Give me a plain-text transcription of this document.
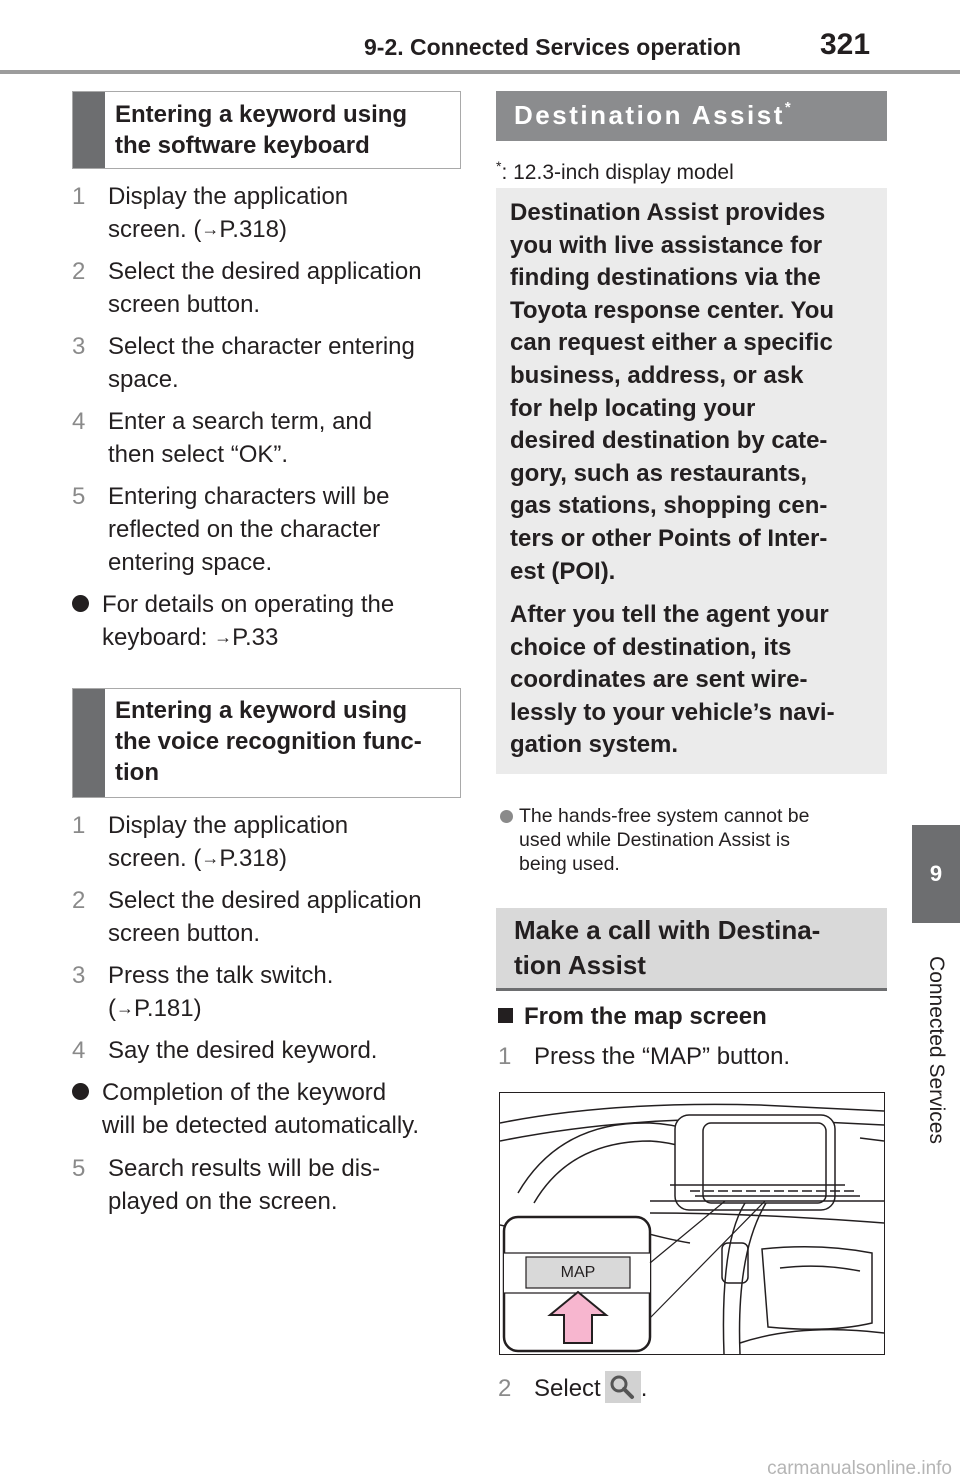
9-2. Connected Services operation	321
9
Connected Services
Entering a keyword using
the software keyboard
1 Display the application
screen. (→P.318)
2 Select the desired application
screen button.
3 Select the character entering
space.
4 Enter a search term, and
then select “OK”.
5 Entering characters will be
reflected on the character
entering space.
For details on operating the
keyboard: →P.33
Entering a keyword using
the voice recognition func-
tion
1 Display the application
screen. (→P.318)
2 Select the desired application
screen button.
3 Press the talk switch.
(→P.181)
4 Say the desired keyword.
Completion of the keyword
will be detected automatically.
5 Search results will be dis-
played on the screen.
Destination Assist*
*: 12.3-inch display model
Destination Assist provides
you with live assistance for
finding destinations via the
Toyota response center. You
can request either a specific
business, address, or ask
for help locating your
desired destination by cate-
gory, such as restaurants,
gas stations, shopping cen-
ters or other Points of Inter-
est (POI).
After you tell the agent your
choice of destination, its
coordinates are sent wire-
lessly to your vehicle’s navi-
gation system.
The hands-free system cannot be
used while Destination Assist is
being used.
Make a call with Destina-
tion Assist
From the map screen
1 Press the “MAP” button.
MAP
2 Select .
carmanualsonline.info
